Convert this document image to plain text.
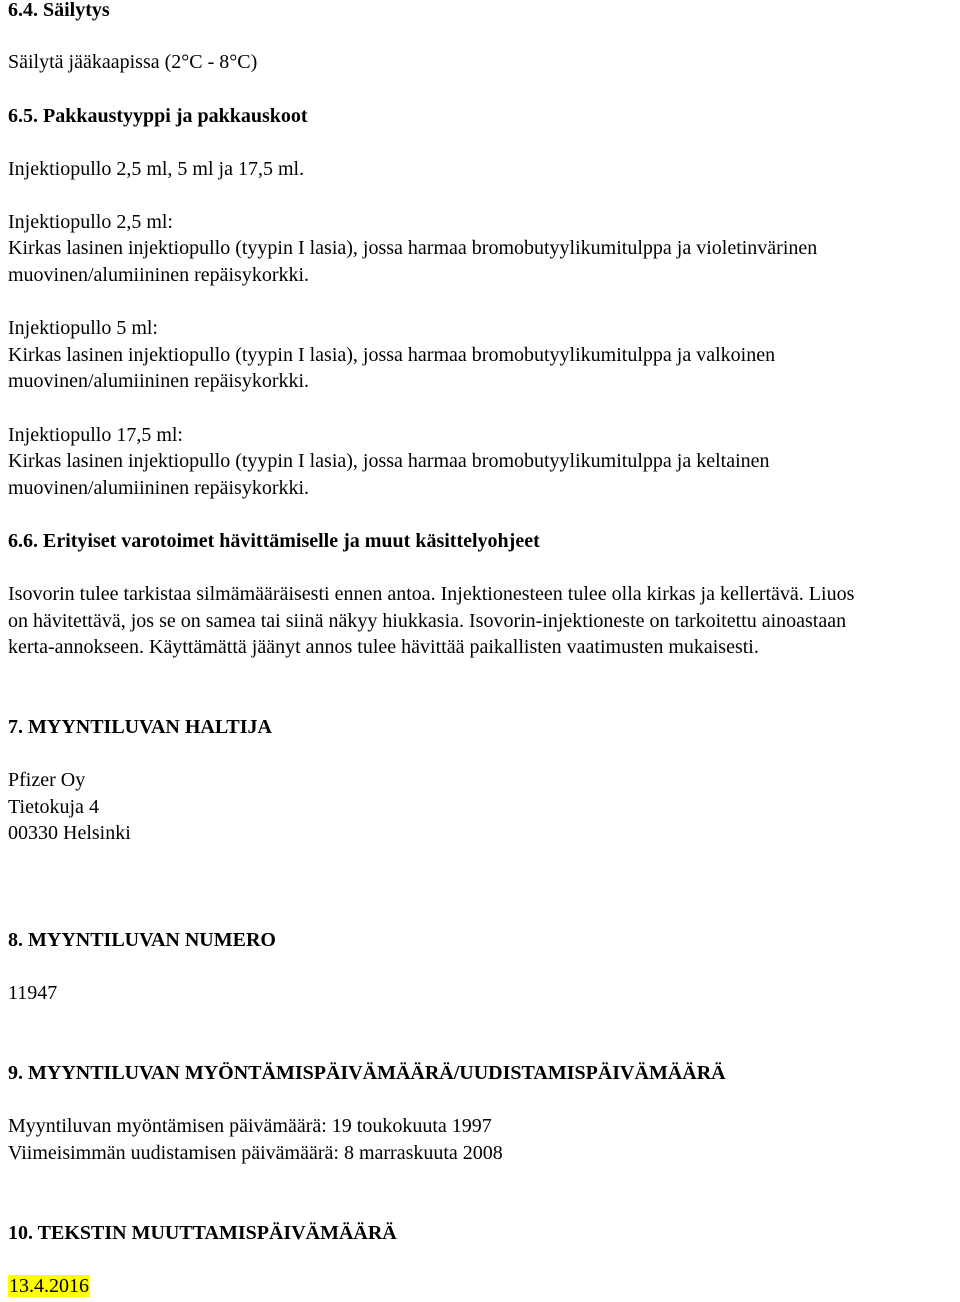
6.4. Säilytys
Säilytä jääkaapissa (2°C - 8°C)
6.5. Pakkaustyyppi ja pakkauskoot
Injektiopullo 2,5 ml, 5 ml ja 17,5 ml.
Injektiopullo 2,5 ml:
Kirkas lasinen injektiopullo (tyypin I lasia), jossa harmaa bromobutyylikumitulppa ja violetinvärinen
muovinen/alumiininen repäisykorkki.
Injektiopullo 5 ml:
Kirkas lasinen injektiopullo (tyypin I lasia), jossa harmaa bromobutyylikumitulppa ja valkoinen
muovinen/alumiininen repäisykorkki.
Injektiopullo 17,5 ml:
Kirkas lasinen injektiopullo (tyypin I lasia), jossa harmaa bromobutyylikumitulppa ja keltainen
muovinen/alumiininen repäisykorkki.
6.6. Erityiset varotoimet hävittämiselle ja muut käsittelyohjeet
Isovorin tulee tarkistaa silmämääräisesti ennen antoa. Injektionesteen tulee olla kirkas ja kellertävä. Liuos
on hävitettävä, jos se on samea tai siinä näkyy hiukkasia. Isovorin-injektioneste on tarkoitettu ainoastaan
kerta-annokseen. Käyttämättä jäänyt annos tulee hävittää paikallisten vaatimusten mukaisesti.
7. MYYNTILUVAN HALTIJA
Pfizer Oy
Tietokuja 4
00330 Helsinki
8. MYYNTILUVAN NUMERO
11947
9. MYYNTILUVAN MYÖNTÄMISPÄIVÄMÄÄRÄ/UUDISTAMISPÄIVÄMÄÄRÄ
Myyntiluvan myöntämisen päivämäärä: 19 toukokuuta 1997
Viimeisimmän uudistamisen päivämäärä: 8 marraskuuta 2008
10. TEKSTIN MUUTTAMISPÄIVÄMÄÄRÄ
13.4.2016
